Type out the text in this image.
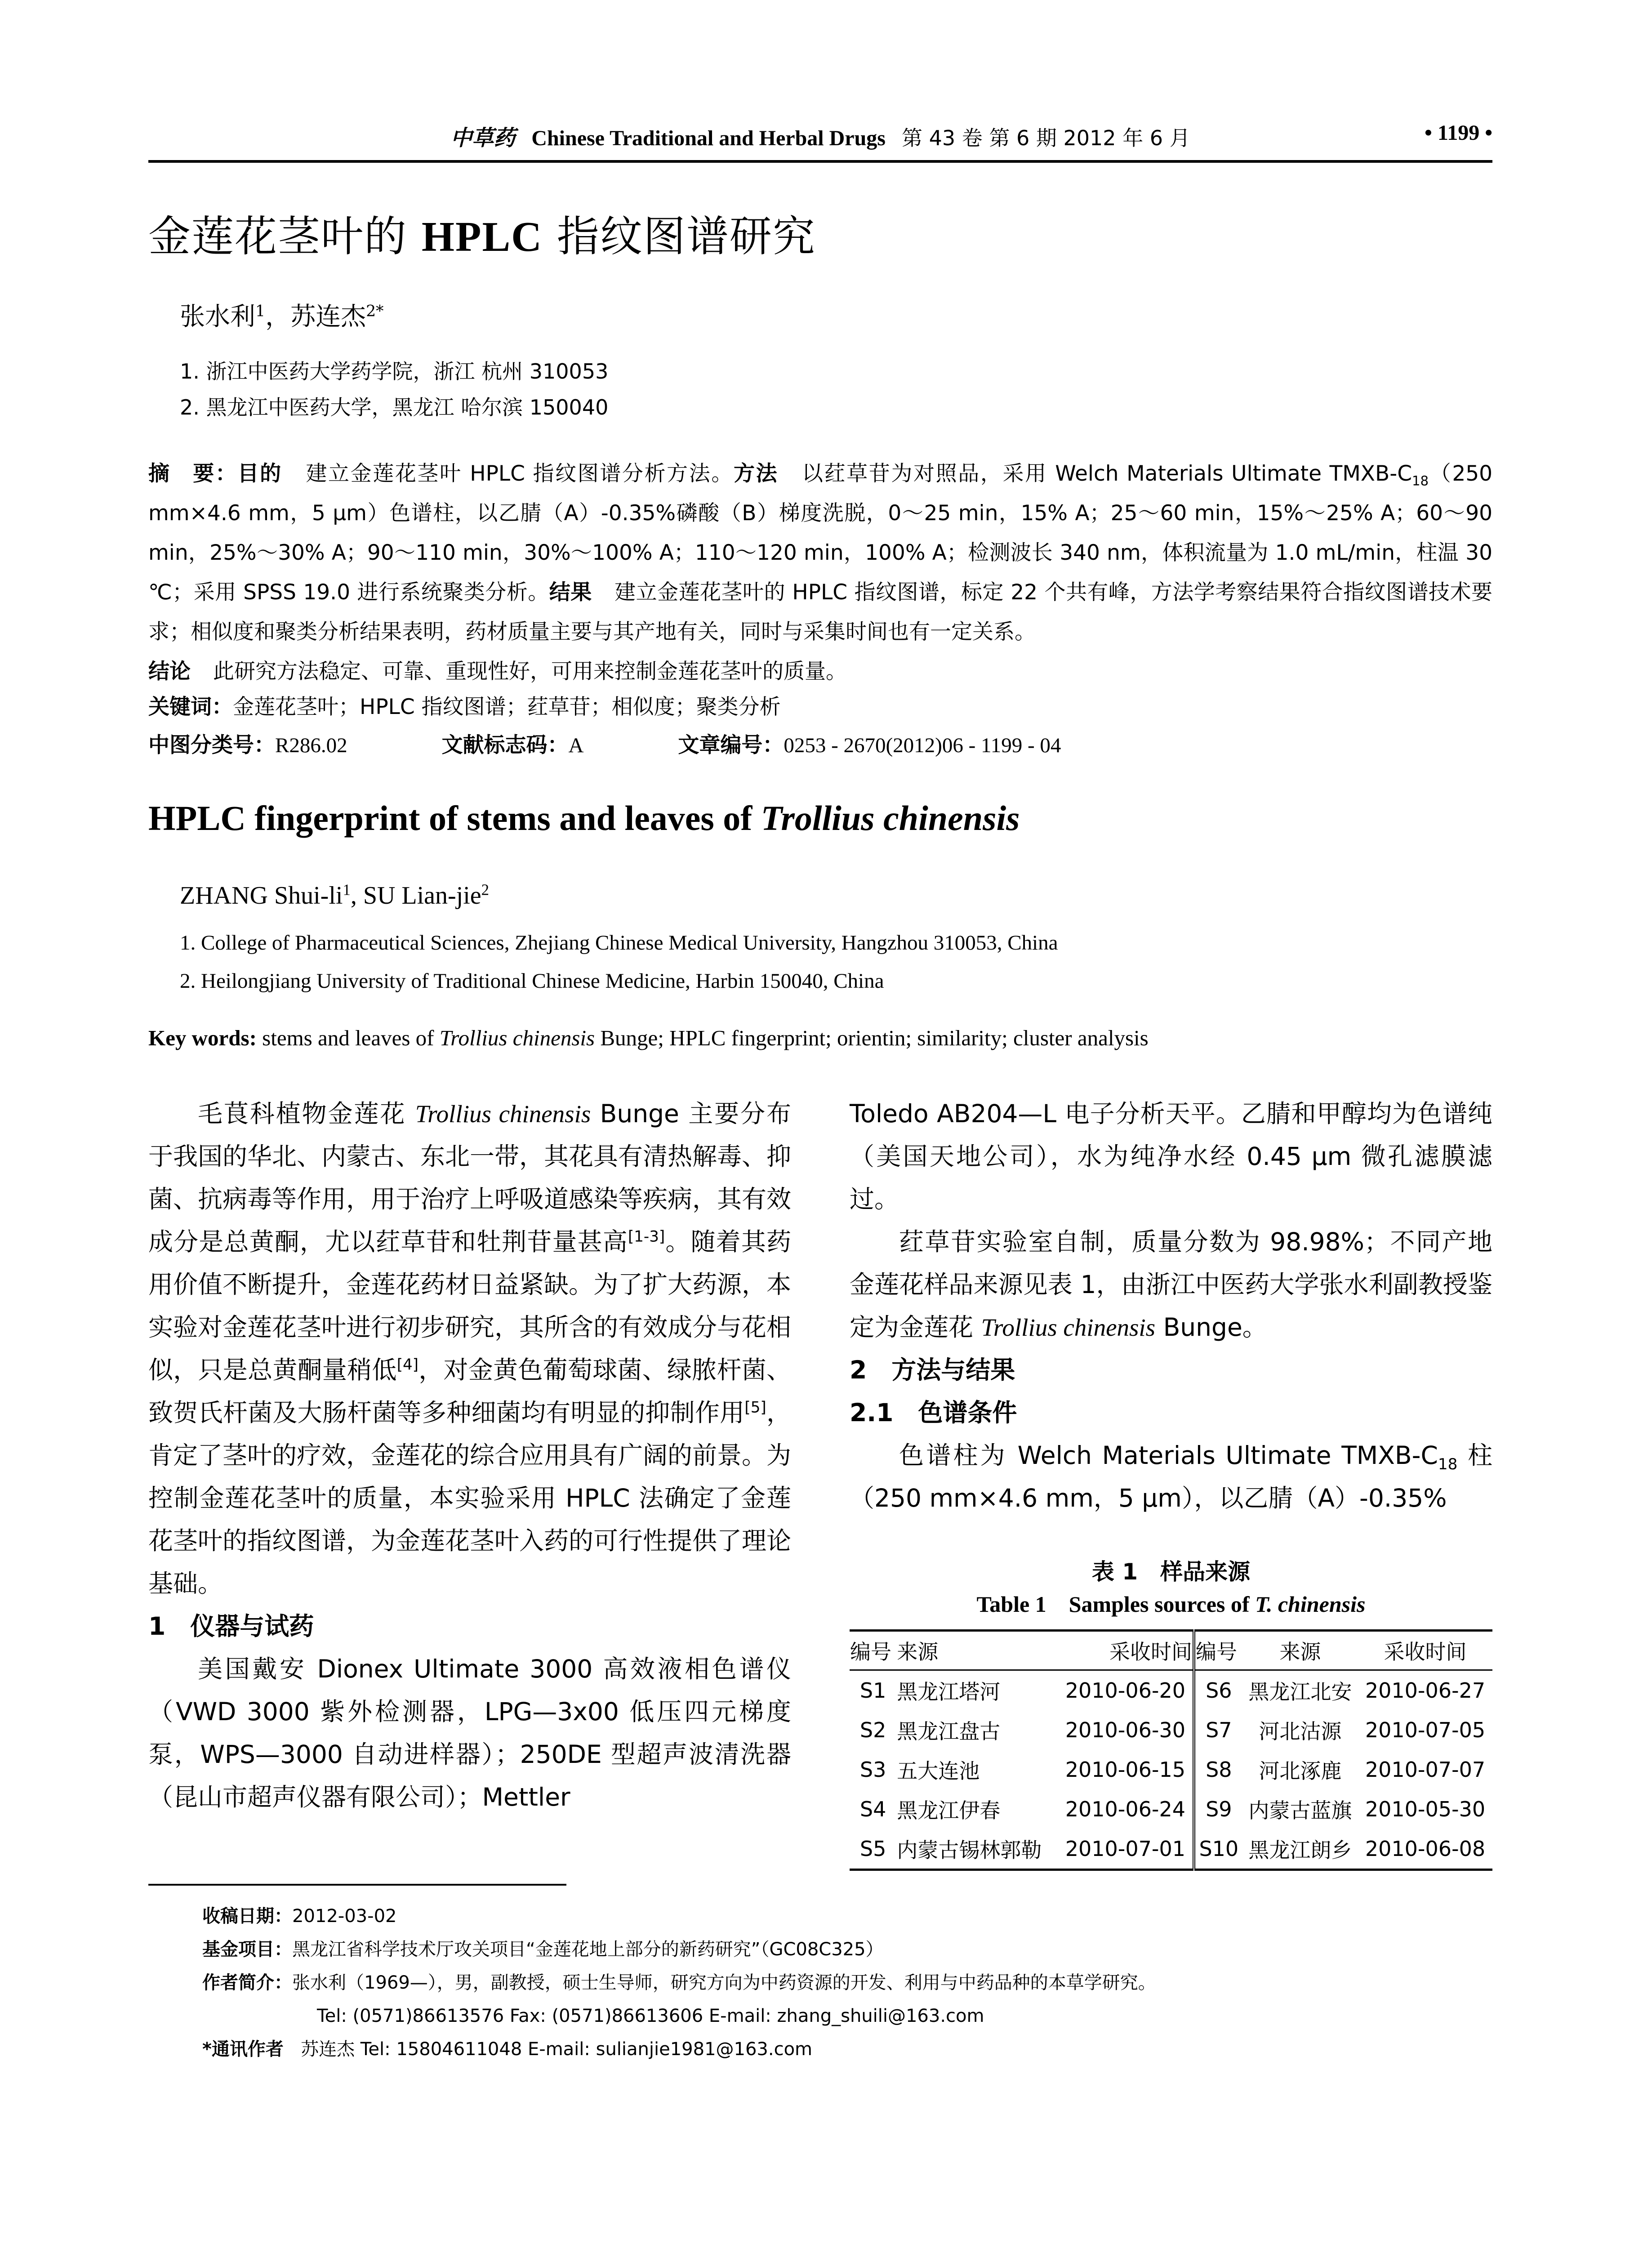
中草药 Chinese Traditional and Herbal Drugs 第 43 卷 第 6 期 2012 年 6 月	• 1199 •
金莲花茎叶的 HPLC 指纹图谱研究
张水利$^1$，苏连杰$^{2*}$
1. 浙江中医药大学药学院，浙江 杭州 310053
2. 黑龙江中医药大学，黑龙江 哈尔滨 150040
摘　要：目的 建立金莲花茎叶 HPLC 指纹图谱分析方法。方法 以荭草苷为对照品，采用 Welch Materials Ultimate TMXB-$C_{18}(250$ mm×4.6 mm，5 μm）色谱柱，以乙腈（A）-0.35%磷酸（B）梯度洗脱，0～25 min，15% A；25～60 min，15%～25% A；60～90 min，25%～30% A；90～110 min，30%～100% A；110～120 min，100% A；检测波长 340 nm，体积流量为 1.0 mL/min，柱温 30 ℃；采用 SPSS 19.0 进行系统聚类分析。结果 建立金莲花茎叶的 HPLC 指纹图谱，标定 22 个共有峰，方法学考察结果符合指纹图谱技术要求；相似度和聚类分析结果表明，药材质量主要与其产地有关，同时与采集时间也有一定关系。
结论 此研究方法稳定、可靠、重现性好，可用来控制金莲花茎叶的质量。
关键词：金莲花茎叶；HPLC 指纹图谱；荭草苷；相似度；聚类分析
中图分类号：R286.02	文献标志码：A	文章编号：0253 - 2670(2012)06 - 1199 - 04
HPLC fingerprint of stems and leaves of Trollius chinensis
ZHANG Shui-$li^1$, SU Lian-jie$^2$
1. College of Pharmaceutical Sciences, Zhejiang Chinese Medical University, Hangzhou 310053, China
2. Heilongjiang University of Traditional Chinese Medicine, Harbin 150040, China
Key words: stems and leaves of Trollius chinensis Bunge; HPLC fingerprint; orientin; similarity; cluster analysis

毛茛科植物金莲花 Trollius chinensis Bunge 主要分布于我国的华北、内蒙古、东北一带，其花具有清热解毒、抑菌、抗病毒等作用，用于治疗上呼吸道感染等疾病，其有效成分是总黄酮，尤以荭草苷和牡荆苷量甚高[1-3]。随着其药用价值不断提升，金莲花药材日益紧缺。为了扩大药源，本实验对金莲花茎叶进行初步研究，其所含的有效成分与花相似，只是总黄酮量稍低[4]，对金黄色葡萄球菌、绿脓杆菌、致贺氏杆菌及大肠杆菌等多种细菌均有明显的抑制作用[5]，肯定了茎叶的疗效，金莲花的综合应用具有广阔的前景。为控制金莲花茎叶的质量，本实验采用 HPLC 法确定了金莲花茎叶的指纹图谱，为金莲花茎叶入药的可行性提供了理论基础。

1　仪器与试药

美国戴安 Dionex Ultimate 3000 高效液相色谱仪（VWD 3000 紫外检测器，LPG—3x00 低压四元梯度泵，WPS—3000 自动进样器）；250DE 型超声波清洗器（昆山市超声仪器有限公司）；Mettler

Toledo AB204—L 电子分析天平。乙腈和甲醇均为色谱纯（美国天地公司），水为纯净水经 0.45 μm 微孔滤膜滤过。

荭草苷实验室自制，质量分数为 98.98%；不同产地金莲花样品来源见表 1，由浙江中医药大学张水利副教授鉴定为金莲花 Trollius chinensis Bunge。

2　方法与结果

2.1　色谱条件

色谱柱为 Welch Materials Ultimate TMXB-$C_{18}$ 柱（250 mm×4.6 mm，5 μm），以乙腈（A）-0.35%

表 1　样品来源
Table 1　Samples sources of T. chinensis
编号	来源	采收时间	编号	来源	采收时间
S1	黑龙江塔河	2010-06-20	S6	黑龙江北安	2010-06-27
S2	黑龙江盘古	2010-06-30	S7	河北沽源	2010-07-05
S3	五大连池	2010-06-15	S8	河北涿鹿	2010-07-07
S4	黑龙江伊春	2010-06-24	S9	内蒙古蓝旗	2010-05-30
S5	内蒙古锡林郭勒	2010-07-01	S10	黑龙江朗乡	2010-06-08
收稿日期：2012-03-02
基金项目：黑龙江省科学技术厅攻关项目“金莲花地上部分的新药研究”（GC08C325）
作者简介：张水利（1969—），男，副教授，硕士生导师，研究方向为中药资源的开发、利用与中药品种的本草学研究。
Tel: (0571)86613576 Fax: (0571)86613606 E-mail: zhang_shuili@163.com
*通讯作者 苏连杰 Tel: 15804611048 E-mail: sulianjie1981@163.com
